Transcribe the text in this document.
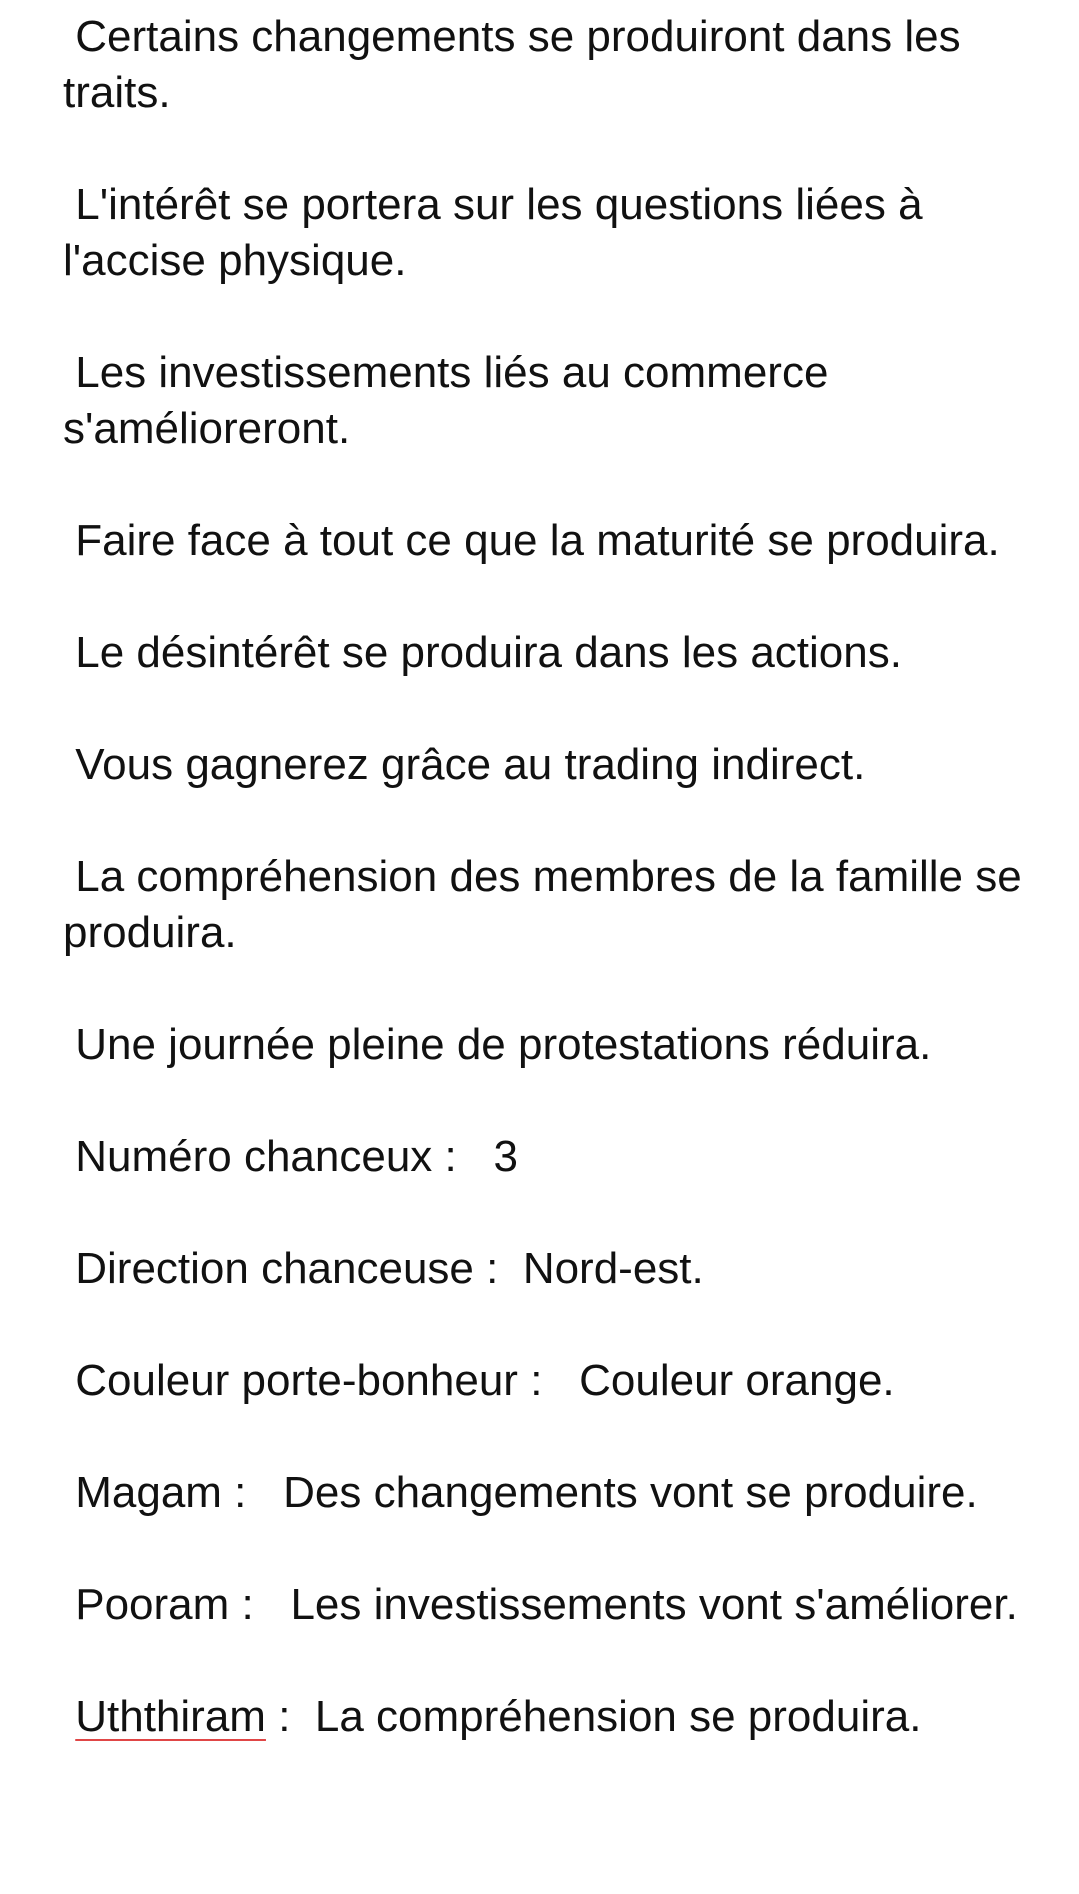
Certains changements se produiront dans les traits.

L'intérêt se portera sur les questions liées à l'accise physique.

Les investissements liés au commerce s'amélioreront.

Faire face à tout ce que la maturité se produira.

Le désintérêt se produira dans les actions.

Vous gagnerez grâce au trading indirect.

La compréhension des membres de la famille se produira.

Une journée pleine de protestations réduira.

Numéro chanceux : 3

Direction chanceuse : Nord-est.

Couleur porte-bonheur : Couleur orange.

Magam : Des changements vont se produire.

Pooram : Les investissements vont s'améliorer.

Uththiram : La compréhension se produira.
